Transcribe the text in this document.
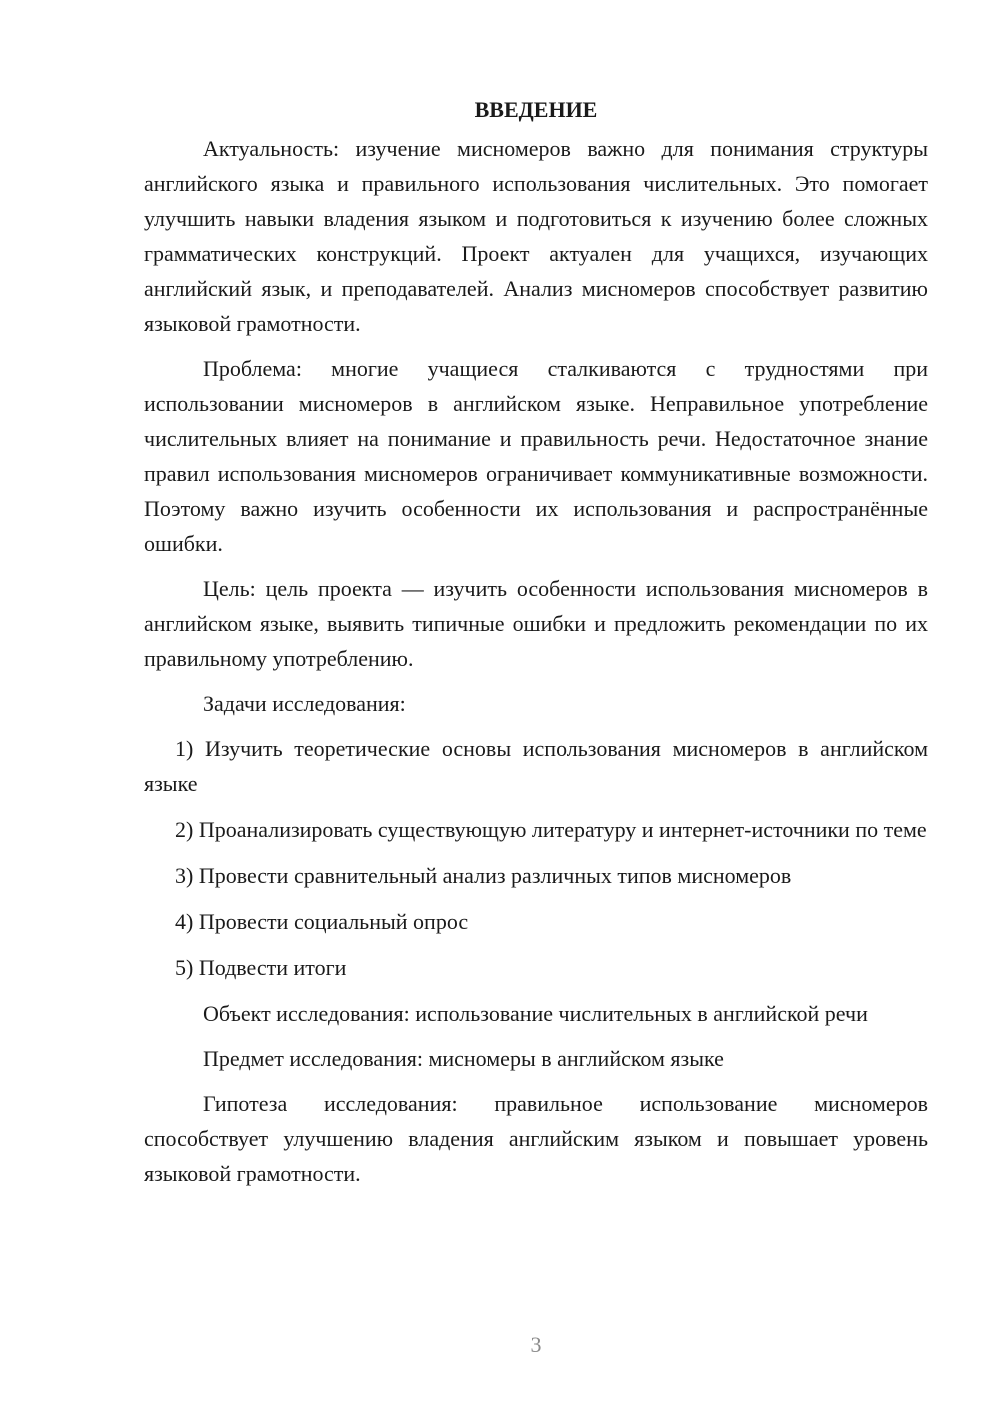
ВВЕДЕНИЕ

Актуальность: изучение мисномеров важно для понимания структуры английского языка и правильного использования числительных. Это помогает улучшить навыки владения языком и подготовиться к изучению более сложных грамматических конструкций. Проект актуален для учащихся, изучающих английский язык, и преподавателей. Анализ мисномеров способствует развитию языковой грамотности.

Проблема: многие учащиеся сталкиваются с трудностями при использовании мисномеров в английском языке. Неправильное употребление числительных влияет на понимание и правильность речи. Недостаточное знание правил использования мисномеров ограничивает коммуникативные возможности. Поэтому важно изучить особенности их использования и распространённые ошибки.

Цель: цель проекта — изучить особенности использования мисномеров в английском языке, выявить типичные ошибки и предложить рекомендации по их правильному употреблению.

Задачи исследования:

1) Изучить теоретические основы использования мисномеров в английском языке

2) Проанализировать существующую литературу и интернет-источники по теме

3) Провести сравнительный анализ различных типов мисномеров

4) Провести социальный опрос

5) Подвести итоги

Объект исследования: использование числительных в английской речи

Предмет исследования: мисномеры в английском языке

Гипотеза исследования: правильное использование мисномеров способствует улучшению владения английским языком и повышает уровень языковой грамотности.

3
